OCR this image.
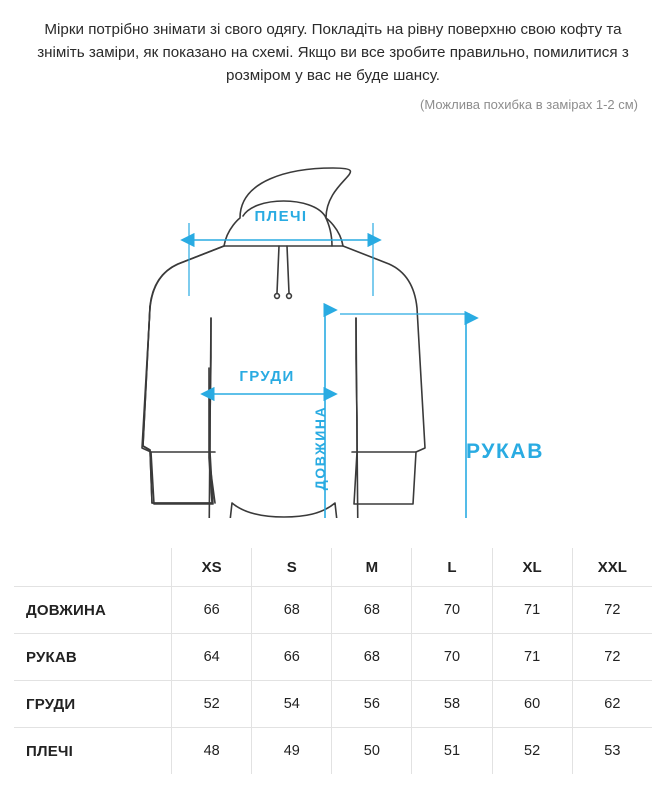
Мірки потрібно знімати зі свого одягу. Покладіть на рівну поверхню свою кофту та зніміть заміри, як показано на схемі. Якщо ви все зробите правильно, помилитися з розміром у вас не буде шансу.

(Можлива похибка в замірах 1-2 см)
ПЛЕЧІ
ГРУДИ
ДОВЖИНА	РУКАВ
	XS	S	M	L	XL	XXL
ДОВЖИНА	66	68	68	70	71	72
РУКАВ	64	66	68	70	71	72
ГРУДИ	52	54	56	58	60	62
ПЛЕЧІ	48	49	50	51	52	53
